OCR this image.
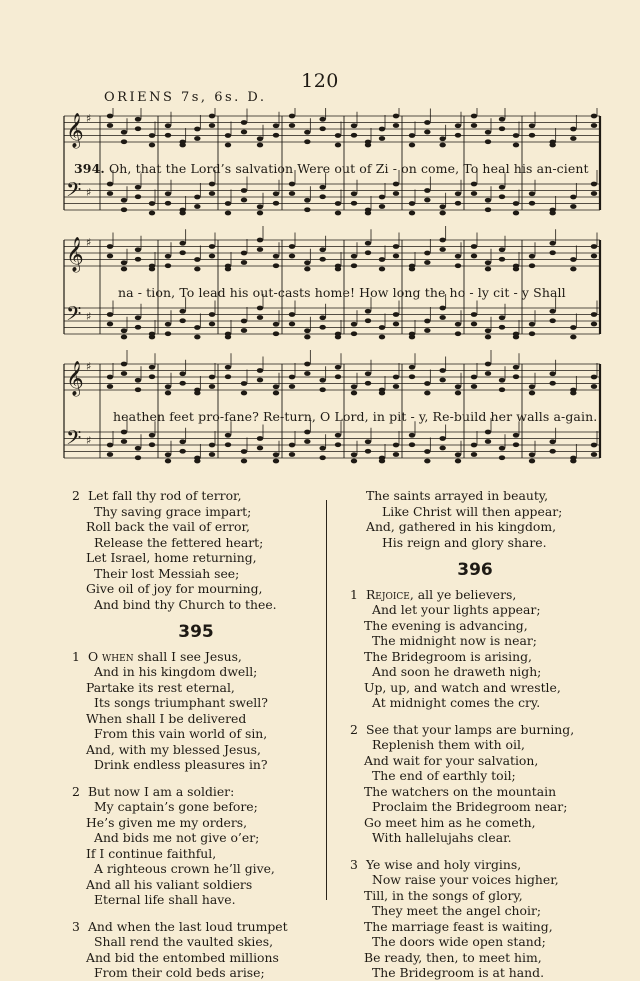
120
ORIENS 7s, 6s. D.
𝄞 ♯
𝄢 ♯
𝄞 ♯
𝄢 ♯
𝄞 ♯
𝄢 ♯
394. Oh, that the Lord’s salvation Were out of Zi - on come, To heal his an-cient
na - tion, To lead his out-casts home! How long the ho - ly cit - y Shall
heathen feet pro-fane? Re-turn, O Lord, in pit - y, Re-build her walls a-gain.
2 Let fall thy rod of terror,
Thy saving grace impart;
Roll back the vail of error,
Release the fettered heart;
Let Israel, home returning,
Their lost Messiah see;
Give oil of joy for mourning,
And bind thy Church to thee.
395
1 O when shall I see Jesus,
And in his kingdom dwell;
Partake its rest eternal,
Its songs triumphant swell?
When shall I be delivered
From this vain world of sin,
And, with my blessed Jesus,
Drink endless pleasures in?
2 But now I am a soldier:
My captain’s gone before;
He’s given me my orders,
And bids me not give o’er;
If I continue faithful,
A righteous crown he’ll give,
And all his valiant soldiers
Eternal life shall have.
3 And when the last loud trumpet
Shall rend the vaulted skies,
And bid the entombed millions
From their cold beds arise;
The saints arrayed in beauty,
Like Christ will then appear;
And, gathered in his kingdom,
His reign and glory share.
396
1 Rejoice, all ye believers,
And let your lights appear;
The evening is advancing,
The midnight now is near;
The Bridegroom is arising,
And soon he draweth nigh;
Up, up, and watch and wrestle,
At midnight comes the cry.
2 See that your lamps are burning,
Replenish them with oil,
And wait for your salvation,
The end of earthly toil;
The watchers on the mountain
Proclaim the Bridegroom near;
Go meet him as he cometh,
With hallelujahs clear.
3 Ye wise and holy virgins,
Now raise your voices higher,
Till, in the songs of glory,
They meet the angel choir;
The marriage feast is waiting,
The doors wide open stand;
Be ready, then, to meet him,
The Bridegroom is at hand.
